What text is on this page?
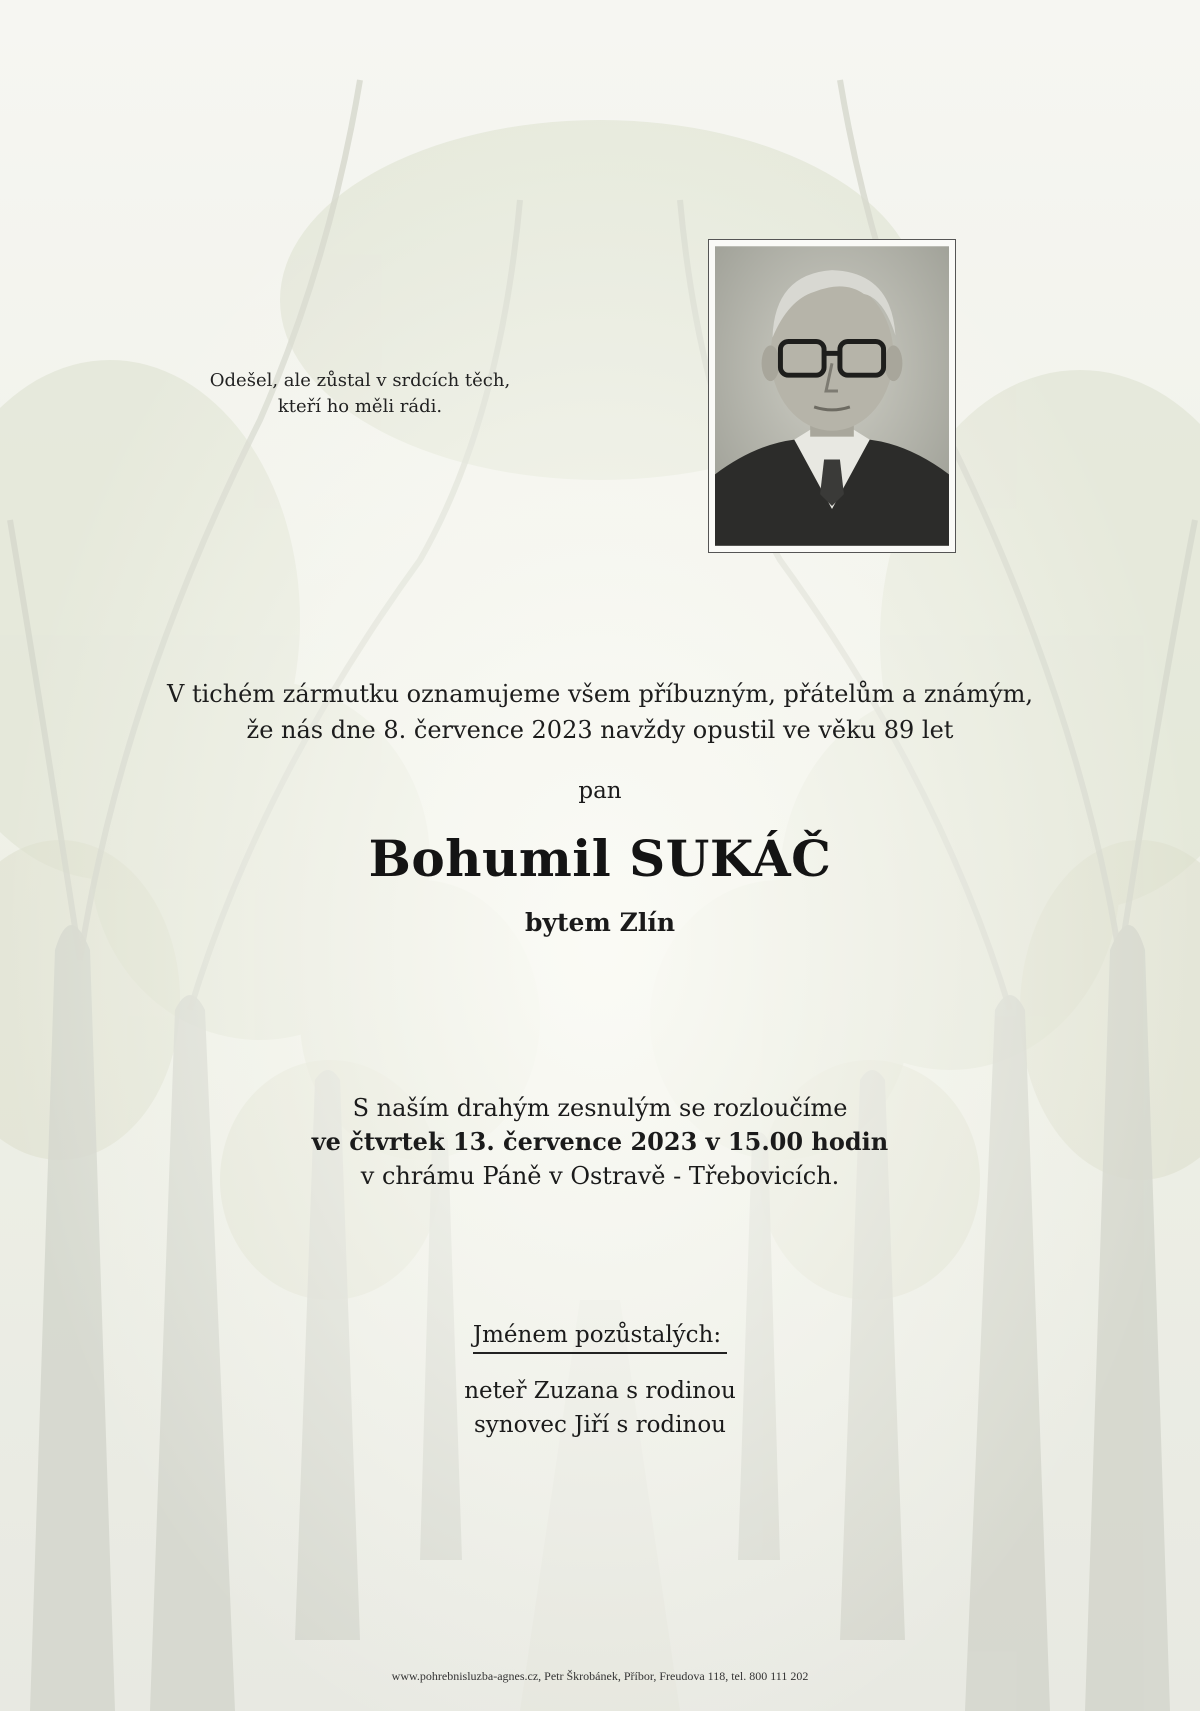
Odešel, ale zůstal v srdcích těch,
kteří ho měli rádi.
V tichém zármutku oznamujeme všem příbuzným, přátelům a známým,
že nás dne 8. července 2023 navždy opustil ve věku 89 let
pan
Bohumil SUKÁČ
bytem Zlín
S naším drahým zesnulým se rozloučíme
ve čtvrtek 13. července 2023 v 15.00 hodin
v chrámu Páně v Ostravě - Třebovicích.
Jménem pozůstalých:
neteř Zuzana s rodinou
synovec Jiří s rodinou
www.pohrebnisluzba-agnes.cz, Petr Škrobánek, Příbor, Freudova 118, tel. 800 111 202
